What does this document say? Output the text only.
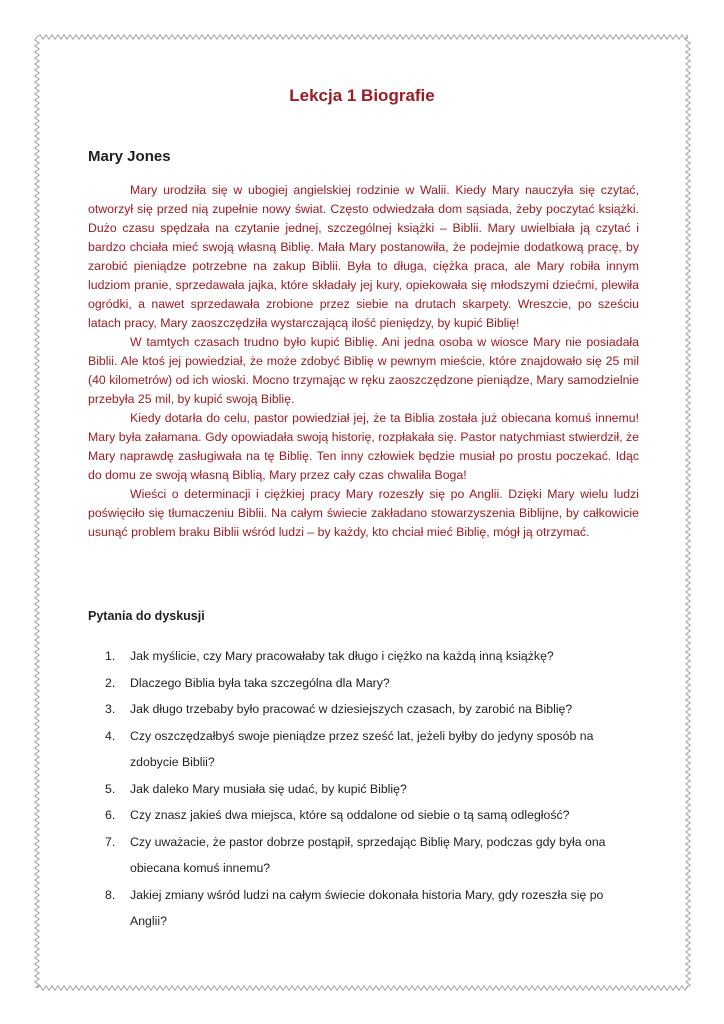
Lekcja 1 Biografie
Mary Jones

Mary urodziła się w ubogiej angielskiej rodzinie w Walii. Kiedy Mary nauczyła się czytać, otworzył się przed nią zupełnie nowy świat. Często odwiedzała dom sąsiada, żeby poczytać książki. Dużo czasu spędzała na czytanie jednej, szczególnej książki – Biblii. Mary uwielbiała ją czytać i bardzo chciała mieć swoją własną Biblię. Mała Mary postanowiła, że podejmie dodatkową pracę, by zarobić pieniądze potrzebne na zakup Biblii. Była to długa, ciężka praca, ale Mary robiła innym ludziom pranie, sprzedawała jajka, które składały jej kury, opiekowała się młodszymi dziećmi, plewiła ogródki, a nawet sprzedawała zrobione przez siebie na drutach skarpety. Wreszcie, po sześciu latach pracy, Mary zaoszczędziła wystarczającą ilość pieniędzy, by kupić Biblię!

W tamtych czasach trudno było kupić Biblię. Ani jedna osoba w wiosce Mary nie posiadała Biblii. Ale ktoś jej powiedział, że może zdobyć Biblię w pewnym mieście, które znajdowało się 25 mil (40 kilometrów) od ich wioski. Mocno trzymając w ręku zaoszczędzone pieniądze, Mary samodzielnie przebyła 25 mil, by kupić swoją Biblię.

Kiedy dotarła do celu, pastor powiedział jej, że ta Biblia została już obiecana komuś innemu! Mary była załamana. Gdy opowiadała swoją historię, rozpłakała się. Pastor natychmiast stwierdził, że Mary naprawdę zasługiwała na tę Biblię. Ten inny człowiek będzie musiał po prostu poczekać. Idąc do domu ze swoją własną Biblią, Mary przez cały czas chwaliła Boga!

Wieści o determinacji i ciężkiej pracy Mary rozeszły się po Anglii. Dzięki Mary wielu ludzi poświęciło się tłumaczeniu Biblii. Na całym świecie zakładano stowarzyszenia Biblijne, by całkowicie usunąć problem braku Biblii wśród ludzi – by każdy, kto chciał mieć Biblię, mógł ją otrzymać.

Pytania do dyskusji
1. Jak myślicie, czy Mary pracowałaby tak długo i ciężko na każdą inną książkę?
2. Dlaczego Biblia była taka szczególna dla Mary?
3. Jak długo trzebaby było pracować w dziesiejszych czasach, by zarobić na Biblię?
4. Czy oszczędzałbyś swoje pieniądze przez sześć lat, jeżeli byłby do jedyny sposób na zdobycie Biblii?
5. Jak daleko Mary musiała się udać, by kupić Biblię?
6. Czy znasz jakieś dwa miejsca, które są oddalone od siebie o tą samą odległość?
7. Czy uważacie, że pastor dobrze postąpił, sprzedając Biblię Mary, podczas gdy była ona obiecana komuś innemu?
8. Jakiej zmiany wśród ludzi na całym świecie dokonała historia Mary, gdy rozeszła się po Anglii?
